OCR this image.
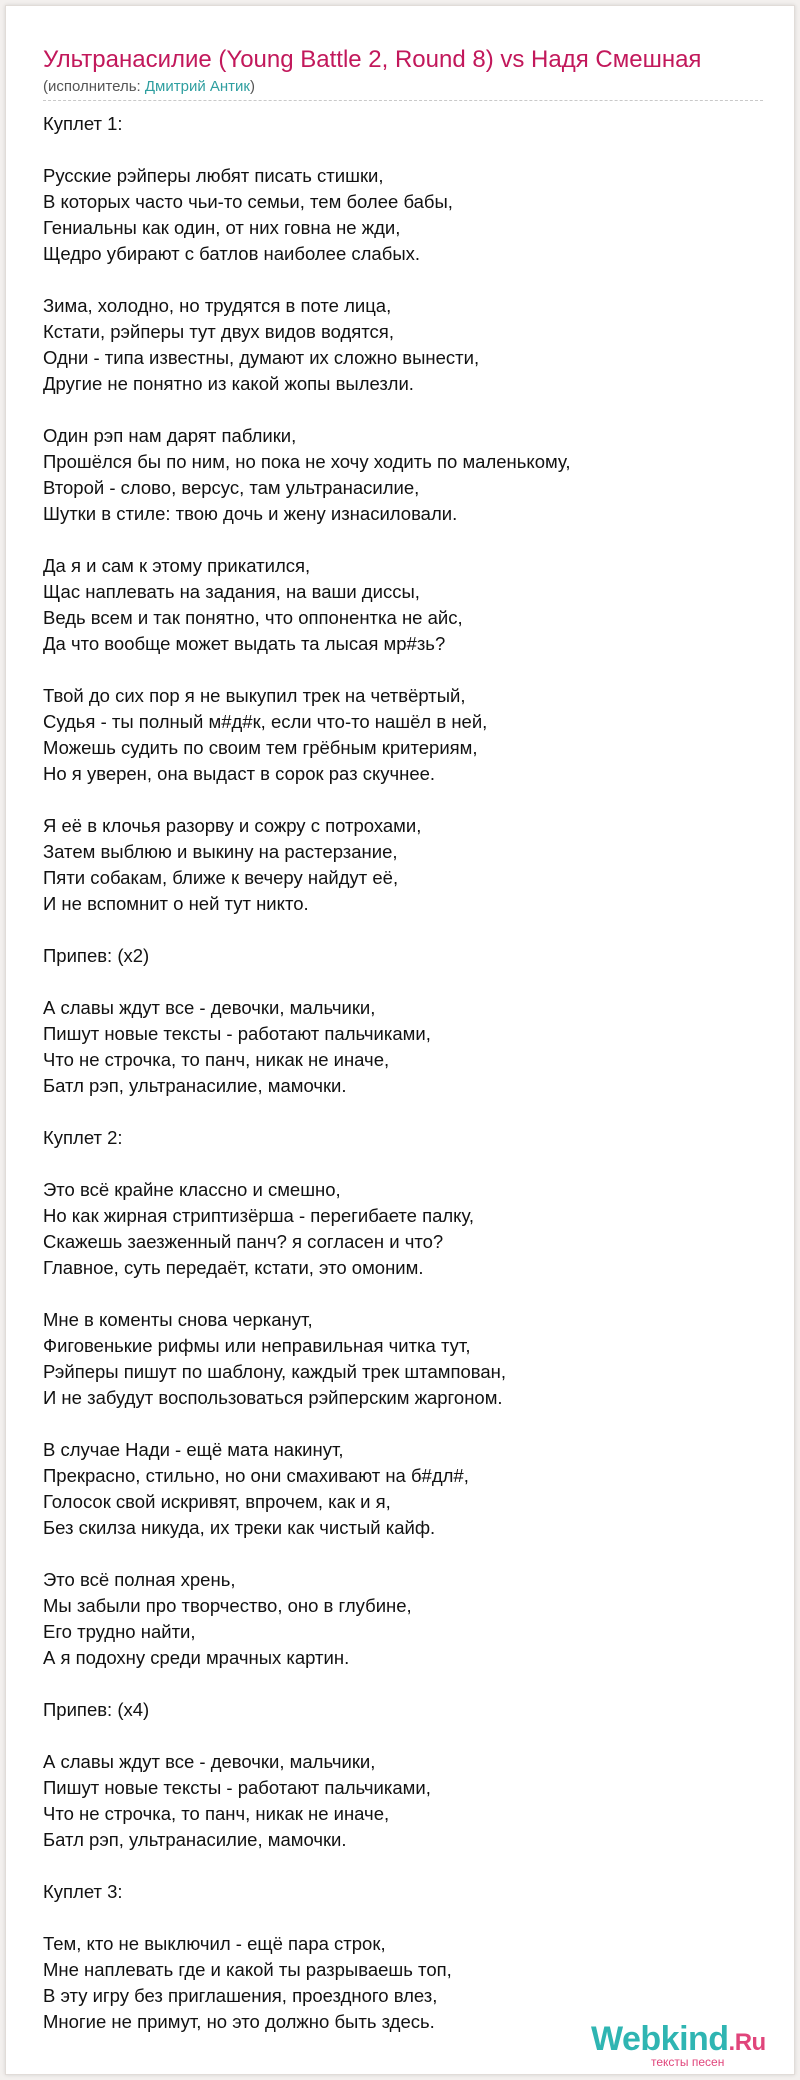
Ультранасилие (Young Battle 2, Round 8) vs Надя Смешная
(исполнитель: Дмитрий Антик)
Куплет 1:
Русские рэйперы любят писать стишки,
В которых часто чьи-то семьи, тем более бабы,
Гениальны как один, от них говна не жди,
Щедро убирают с батлов наиболее слабых.
Зима, холодно, но трудятся в поте лица,
Кстати, рэйперы тут двух видов водятся,
Одни - типа известны, думают их сложно вынести,
Другие не понятно из какой жопы вылезли.
Один рэп нам дарят паблики,
Прошёлся бы по ним, но пока не хочу ходить по маленькому,
Второй - слово, версус, там ультранасилие,
Шутки в стиле: твою дочь и жену изнасиловали.
Да я и сам к этому прикатился,
Щас наплевать на задания, на ваши диссы,
Ведь всем и так понятно, что оппонентка не айс,
Да что вообще может выдать та лысая мр#зь?
Твой до сих пор я не выкупил трек на четвёртый,
Судья - ты полный м#д#к, если что-то нашёл в ней,
Можешь судить по своим тем грёбным критериям,
Но я уверен, она выдаст в сорок раз скучнее.
Я её в клочья разорву и сожру с потрохами,
Затем выблюю и выкину на растерзание,
Пяти собакам, ближе к вечеру найдут её,
И не вспомнит о ней тут никто.
Припев: (x2)
А славы ждут все - девочки, мальчики,
Пишут новые тексты - работают пальчиками,
Что не строчка, то панч, никак не иначе,
Батл рэп, ультранасилие, мамочки.
Куплет 2:
Это всё крайне классно и смешно,
Но как жирная стриптизёрша - перегибаете палку,
Скажешь заезженный панч? я согласен и что?
Главное, суть передаёт, кстати, это омоним.
Мне в коменты снова черканут,
Фиговенькие рифмы или неправильная читка тут,
Рэйперы пишут по шаблону, каждый трек штампован,
И не забудут воспользоваться рэйперским жаргоном.
В случае Нади - ещё мата накинут,
Прекрасно, стильно, но они смахивают на б#дл#,
Голосок свой искривят, впрочем, как и я,
Без скилза никуда, их треки как чистый кайф.
Это всё полная хрень,
Мы забыли про творчество, оно в глубине,
Его трудно найти,
А я подохну среди мрачных картин.
Припев: (x4)
А славы ждут все - девочки, мальчики,
Пишут новые тексты - работают пальчиками,
Что не строчка, то панч, никак не иначе,
Батл рэп, ультранасилие, мамочки.
Куплет 3:
Тем, кто не выключил - ещё пара строк,
Мне наплевать где и какой ты разрываешь топ,
В эту игру без приглашения, проездного влез,
Многие не примут, но это должно быть здесь.	Webkind.Ru
тексты песен
